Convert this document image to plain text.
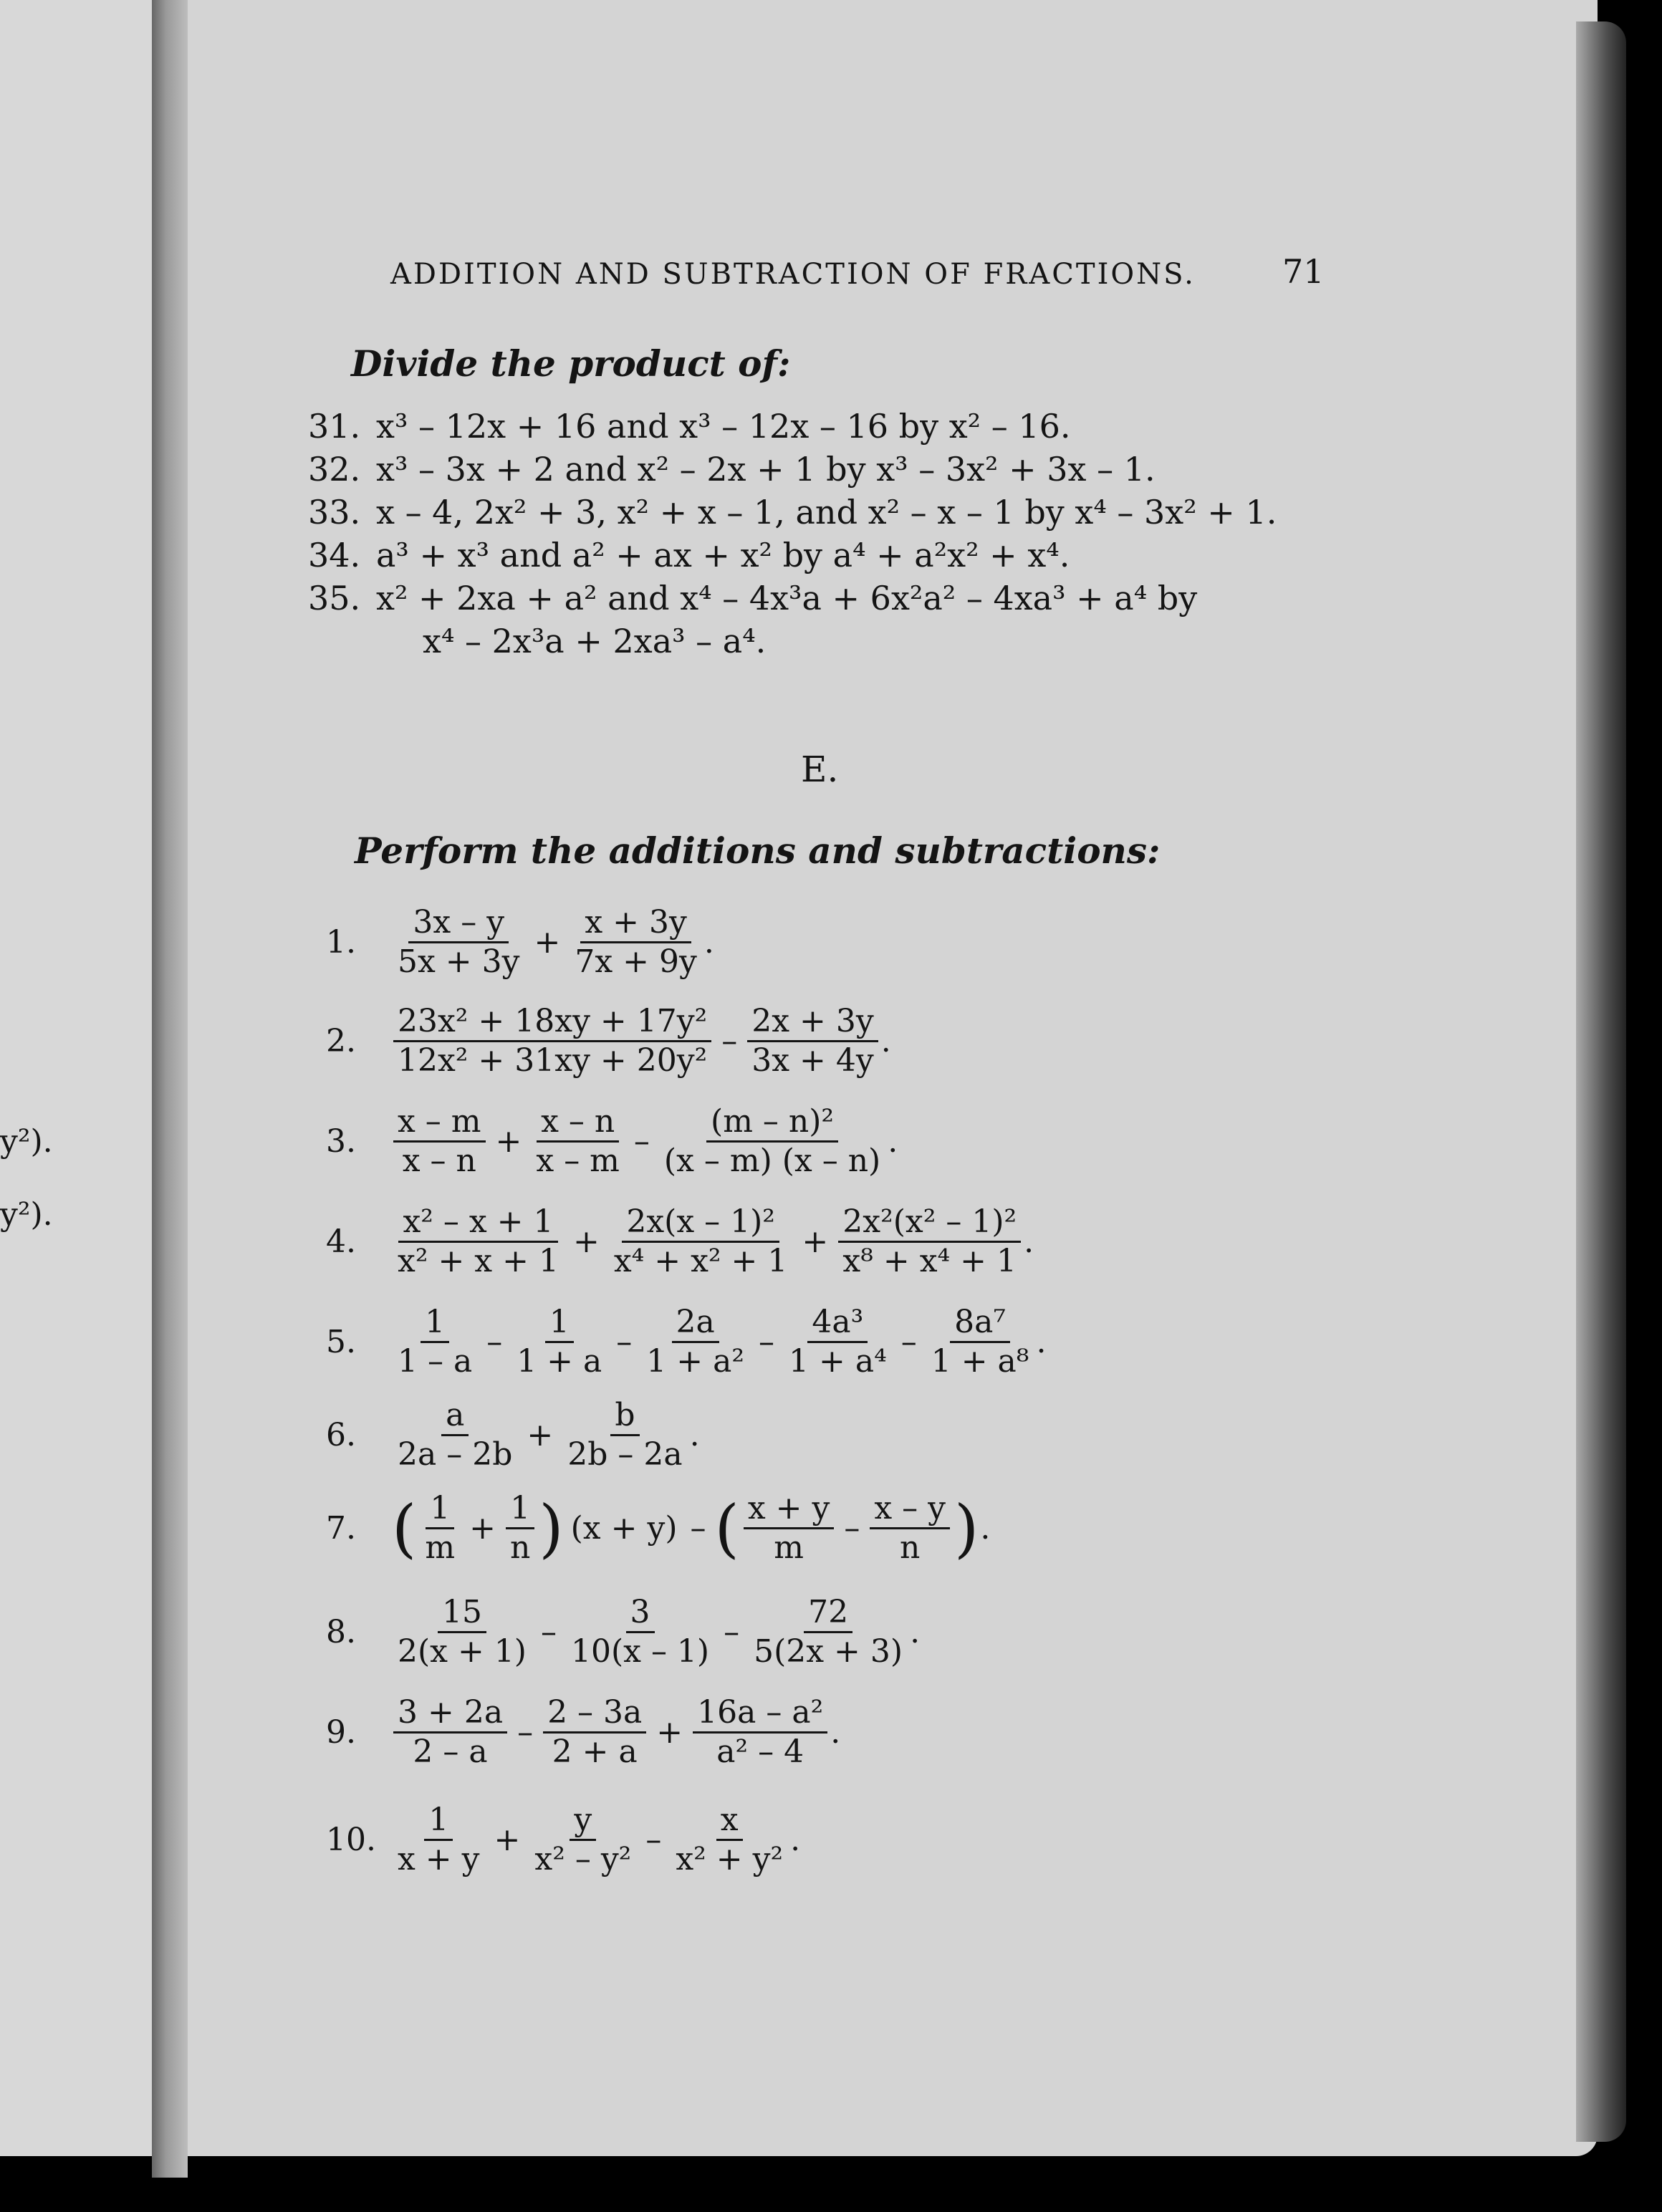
y²).
y²).
ADDITION AND SUBTRACTION OF FRACTIONS.	71
Divide the product of:
31. x³ – 12x + 16 and x³ – 12x – 16 by x² – 16.
32. x³ – 3x + 2 and x² – 2x + 1 by x³ – 3x² + 3x – 1.
33. x – 4, 2x² + 3, x² + x – 1, and x² – x – 1 by x⁴ – 3x² + 1.
34. a³ + x³ and a² + ax + x² by a⁴ + a²x² + x⁴.
35. x² + 2xa + a² and x⁴ – 4x³a + 6x²a² – 4xa³ + a⁴ by
x⁴ – 2x³a + 2xa³ – a⁴.
E.
Perform the additions and subtractions:
1.	$\frac{3x - y}{5x + 3y} + \frac{x + 3y}{7x + 9y}$ .
2.	$\frac{\text{23x² + 18xy + 17y²}}{\text{12x² + 31xy + 20y²}} - \frac{2x + 3y}{3x + 4y}$ .
3.	$\frac{x - m}{x - n} + \frac{x - n}{x - m} - \frac{\text{(m – n)²}}{(x - m) (x - n)}$ .
4.	$\frac{\text{x² – x + 1}}{\text{x² + x + 1}} + \frac{\text{2x(x – 1)²}}{\text{x⁴ + x² + 1}} + \frac{\text{2x²(x² – 1)²}}{\text{x⁸ + x⁴ + 1}}$ .
5.	$\frac{1}{1 - a} - \frac{1}{1 + a} - \frac{2a}{\text{1 + a²}} - \frac{\text{4a³}}{\text{1 + a⁴}} - \frac{\text{8a⁷}}{\text{1 + a⁸}}$ .
6.	$\frac{a}{2a - 2b} + \frac{b}{2b - 2a}$ .
7. ( $\frac{1}{m} + \frac{1}{n}$ ) (x + y) – ( $\frac{x + y}{m} - \frac{x - y}{n}$ ) .
8.	$\frac{15}{2(x + 1)} - \frac{3}{10(x - 1)} - \frac{72}{5(2x + 3)}$ .
9.	$\frac{3 + 2a}{2 - a} - \frac{2 - 3a}{2 + a} + \frac{\text{16a – a²}}{\text{a² – 4}}$ .
10. $\frac{1}{x + y} + \frac{y}{\text{x² – y²}} - \frac{x}{\text{x² + y²}}$ .
